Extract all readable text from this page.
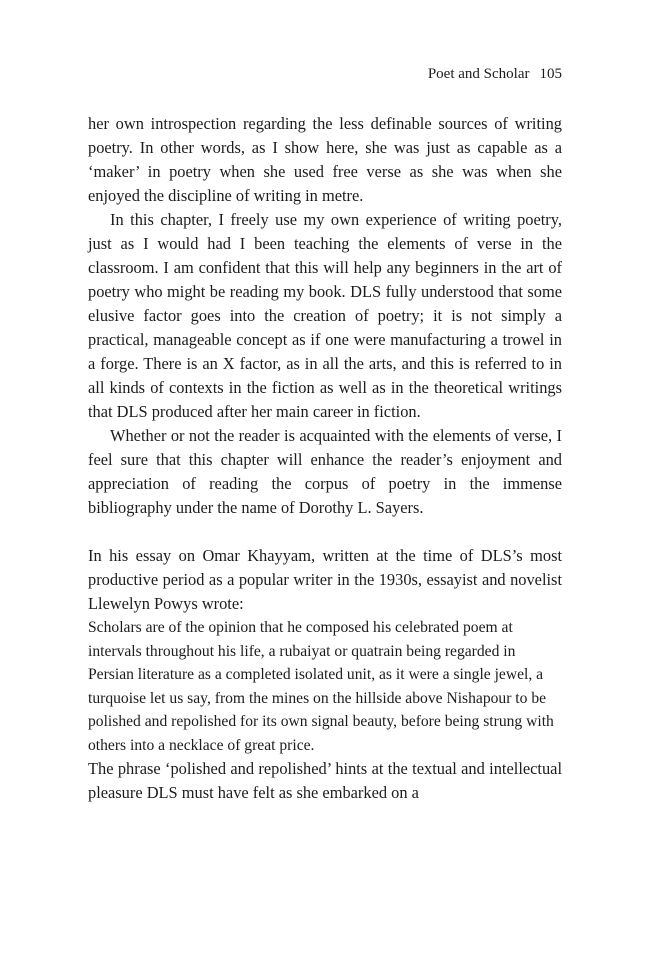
Poet and Scholar 105

her own introspection regarding the less definable sources of writing poetry. In other words, as I show here, she was just as capable as a ‘maker’ in poetry when she used free verse as she was when she enjoyed the discipline of writing in metre.

In this chapter, I freely use my own experience of writing poetry, just as I would had I been teaching the elements of verse in the classroom. I am confident that this will help any beginners in the art of poetry who might be reading my book. DLS fully understood that some elusive factor goes into the creation of poetry; it is not simply a practical, manageable concept as if one were manufacturing a trowel in a forge. There is an X factor, as in all the arts, and this is referred to in all kinds of contexts in the fiction as well as in the theoretical writings that DLS produced after her main career in fiction.

Whether or not the reader is acquainted with the elements of verse, I feel sure that this chapter will enhance the reader’s enjoyment and appreciation of reading the corpus of poetry in the immense bibliography under the name of Dorothy L. Sayers.

In his essay on Omar Khayyam, written at the time of DLS’s most productive period as a popular writer in the 1930s, essayist and novelist Llewelyn Powys wrote:

Scholars are of the opinion that he composed his celebrated poem at intervals throughout his life, a rubaiyat or quatrain being regarded in Persian literature as a completed isolated unit, as it were a single jewel, a turquoise let us say, from the mines on the hillside above Nishapour to be polished and repolished for its own signal beauty, before being strung with others into a necklace of great price.

The phrase ‘polished and repolished’ hints at the textual and intellectual pleasure DLS must have felt as she embarked on a
